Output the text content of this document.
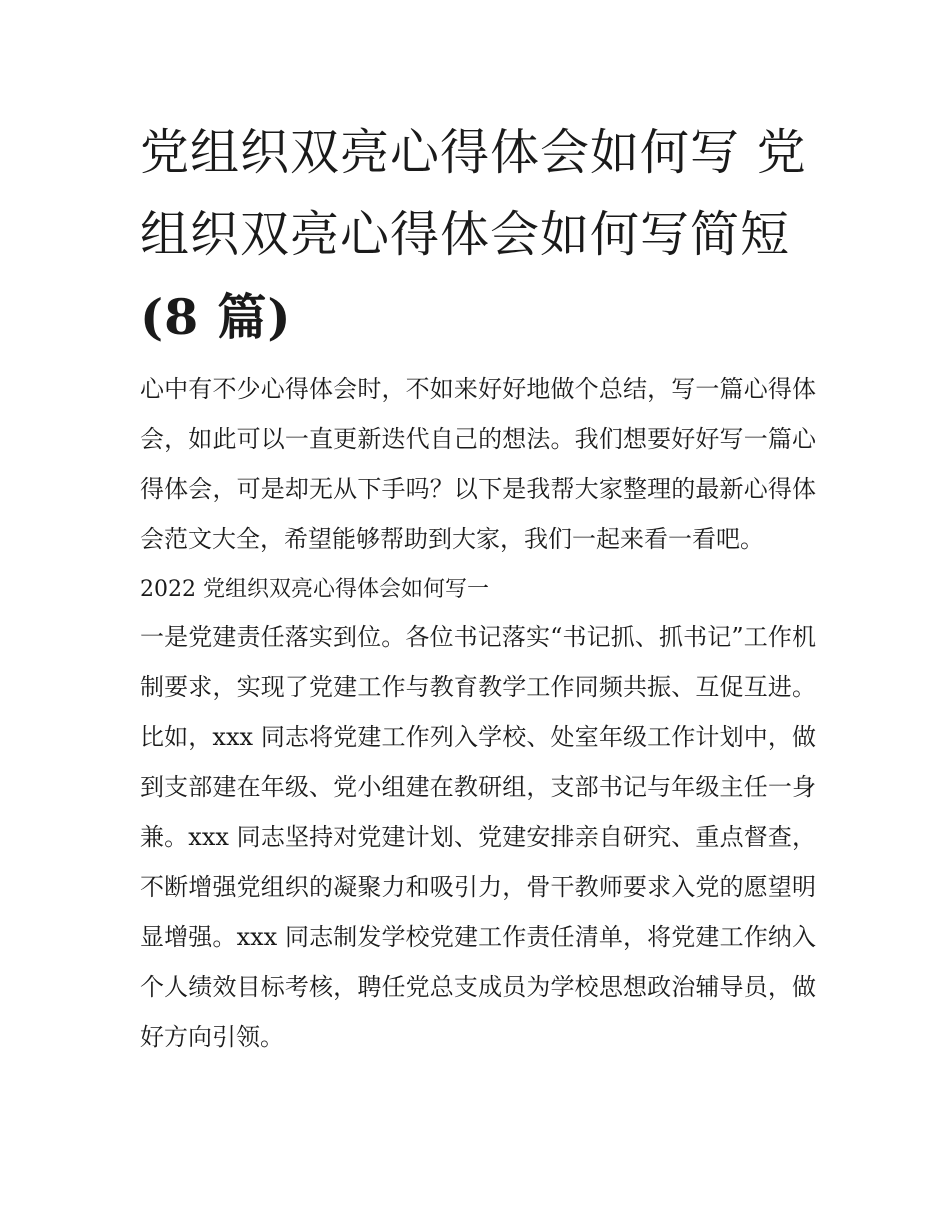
党组织双亮心得体会如何写 党组织双亮心得体会如何写简短
(8 篇)

心中有不少心得体会时，不如来好好地做个总结，写一篇心得体会，如此可以一直更新迭代自己的想法。我们想要好好写一篇心得体会，可是却无从下手吗？以下是我帮大家整理的最新心得体会范文大全，希望能够帮助到大家，我们一起来看一看吧。

2022 党组织双亮心得体会如何写一

一是党建责任落实到位。各位书记落实“书记抓、抓书记”工作机制要求，实现了党建工作与教育教学工作同频共振、互促互进。比如，xxx 同志将党建工作列入学校、处室年级工作计划中，做到支部建在年级、党小组建在教研组，支部书记与年级主任一身兼。xxx 同志坚持对党建计划、党建安排亲自研究、重点督查，不断增强党组织的凝聚力和吸引力，骨干教师要求入党的愿望明显增强。xxx 同志制发学校党建工作责任清单，将党建工作纳入个人绩效目标考核，聘任党总支成员为学校思想政治辅导员，做好方向引领。
